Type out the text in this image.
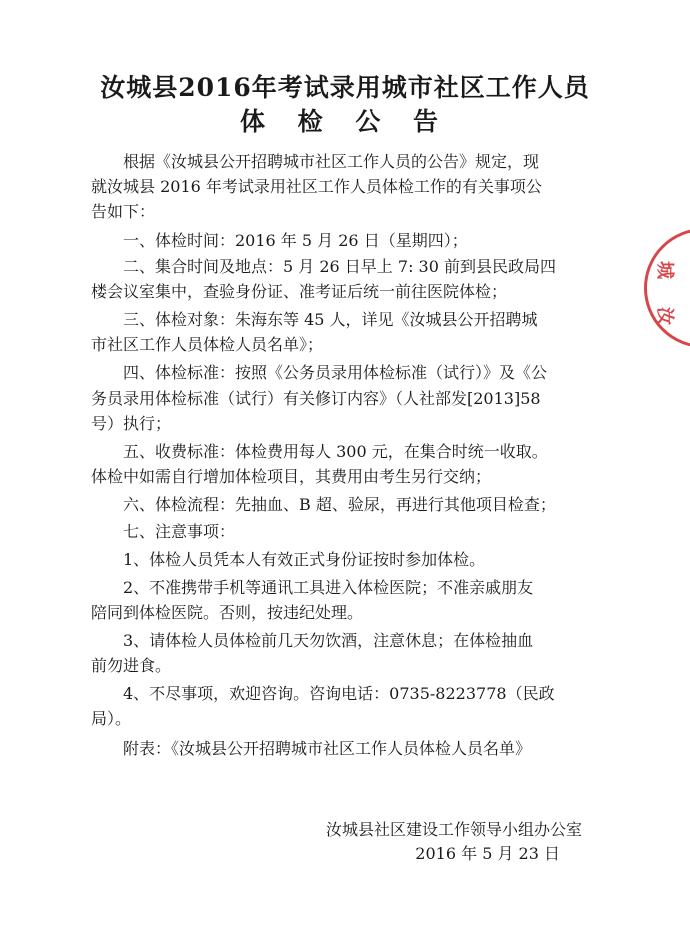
汝城县2016年考试录用城市社区工作人员
体 检 公 告
根据《汝城县公开招聘城市社区工作人员的公告》规定，现
就汝城县 2016 年考试录用社区工作人员体检工作的有关事项公
告如下：
一、体检时间：2016 年 5 月 26 日（星期四）；
二、集合时间及地点：5 月 26 日早上 7: 30 前到县民政局四
楼会议室集中，查验身份证、准考证后统一前往医院体检；
三、体检对象：朱海东等 45 人，详见《汝城县公开招聘城
市社区工作人员体检人员名单》；
四、体检标准：按照《公务员录用体检标准（试行）》及《公
务员录用体检标准（试行）有关修订内容》（人社部发[2013]58
号）执行；
五、收费标准：体检费用每人 300 元，在集合时统一收取。
体检中如需自行增加体检项目，其费用由考生另行交纳；
六、体检流程：先抽血、B 超、验尿，再进行其他项目检查；
七、注意事项：
1、体检人员凭本人有效正式身份证按时参加体检。
2、不准携带手机等通讯工具进入体检医院；不准亲戚朋友
陪同到体检医院。否则，按违纪处理。
3、请体检人员体检前几天勿饮酒，注意休息；在体检抽血
前勿进食。
4、不尽事项，欢迎咨询。咨询电话：0735-8223778（民政
局）。
附表：《汝城县公开招聘城市社区工作人员体检人员名单》
汝城县社区建设工作领导小组办公室
2016 年 5 月 23 日
城
汝
